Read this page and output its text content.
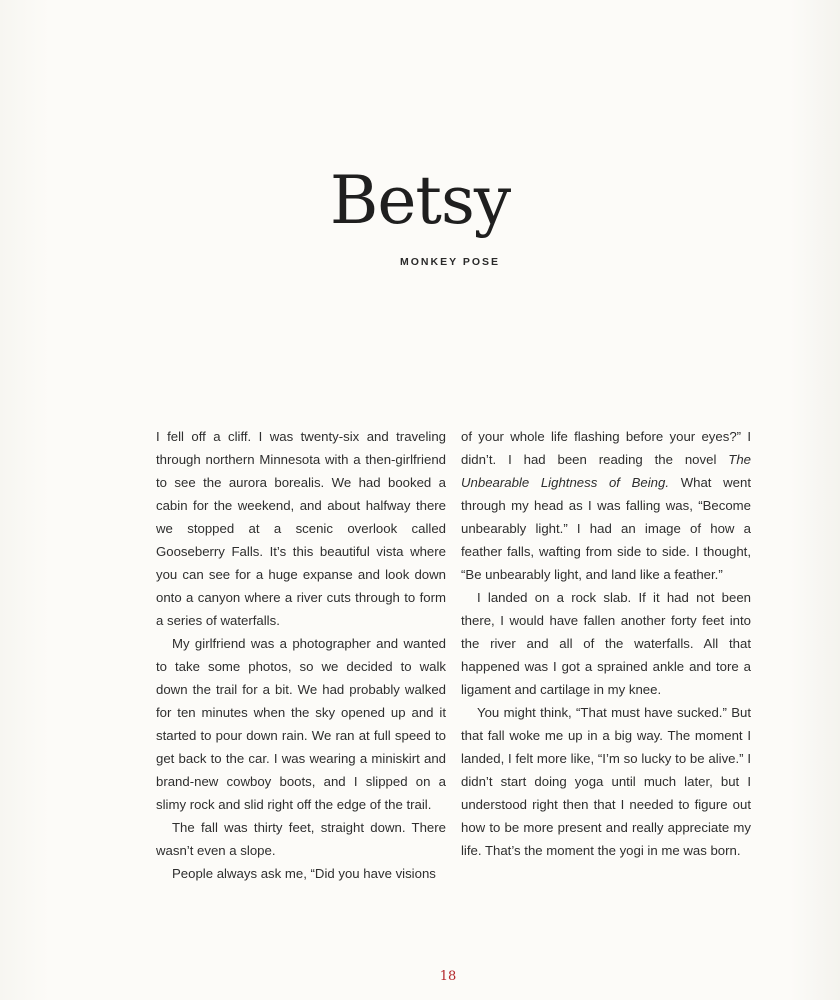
Betsy
MONKEY POSE

I fell off a cliff. I was twenty-six and traveling through northern Minnesota with a then-girlfriend to see the aurora borealis. We had booked a cabin for the weekend, and about halfway there we stopped at a scenic overlook called Gooseberry Falls. It’s this beautiful vista where you can see for a huge expanse and look down onto a canyon where a river cuts through to form a series of waterfalls.

My girlfriend was a photographer and wanted to take some photos, so we decided to walk down the trail for a bit. We had probably walked for ten minutes when the sky opened up and it started to pour down rain. We ran at full speed to get back to the car. I was wearing a miniskirt and brand-new cowboy boots, and I slipped on a slimy rock and slid right off the edge of the trail.

The fall was thirty feet, straight down. There wasn’t even a slope.

People always ask me, “Did you have visions

of your whole life flashing before your eyes?” I didn’t. I had been reading the novel The Unbearable Lightness of Being. What went through my head as I was falling was, “Become unbearably light.” I had an image of how a feather falls, wafting from side to side. I thought, “Be unbearably light, and land like a feather.”

I landed on a rock slab. If it had not been there, I would have fallen another forty feet into the river and all of the waterfalls. All that happened was I got a sprained ankle and tore a ligament and cartilage in my knee.

You might think, “That must have sucked.” But that fall woke me up in a big way. The moment I landed, I felt more like, “I’m so lucky to be alive.” I didn’t start doing yoga until much later, but I understood right then that I needed to figure out how to be more present and really appreciate my life. That’s the moment the yogi in me was born.

18
